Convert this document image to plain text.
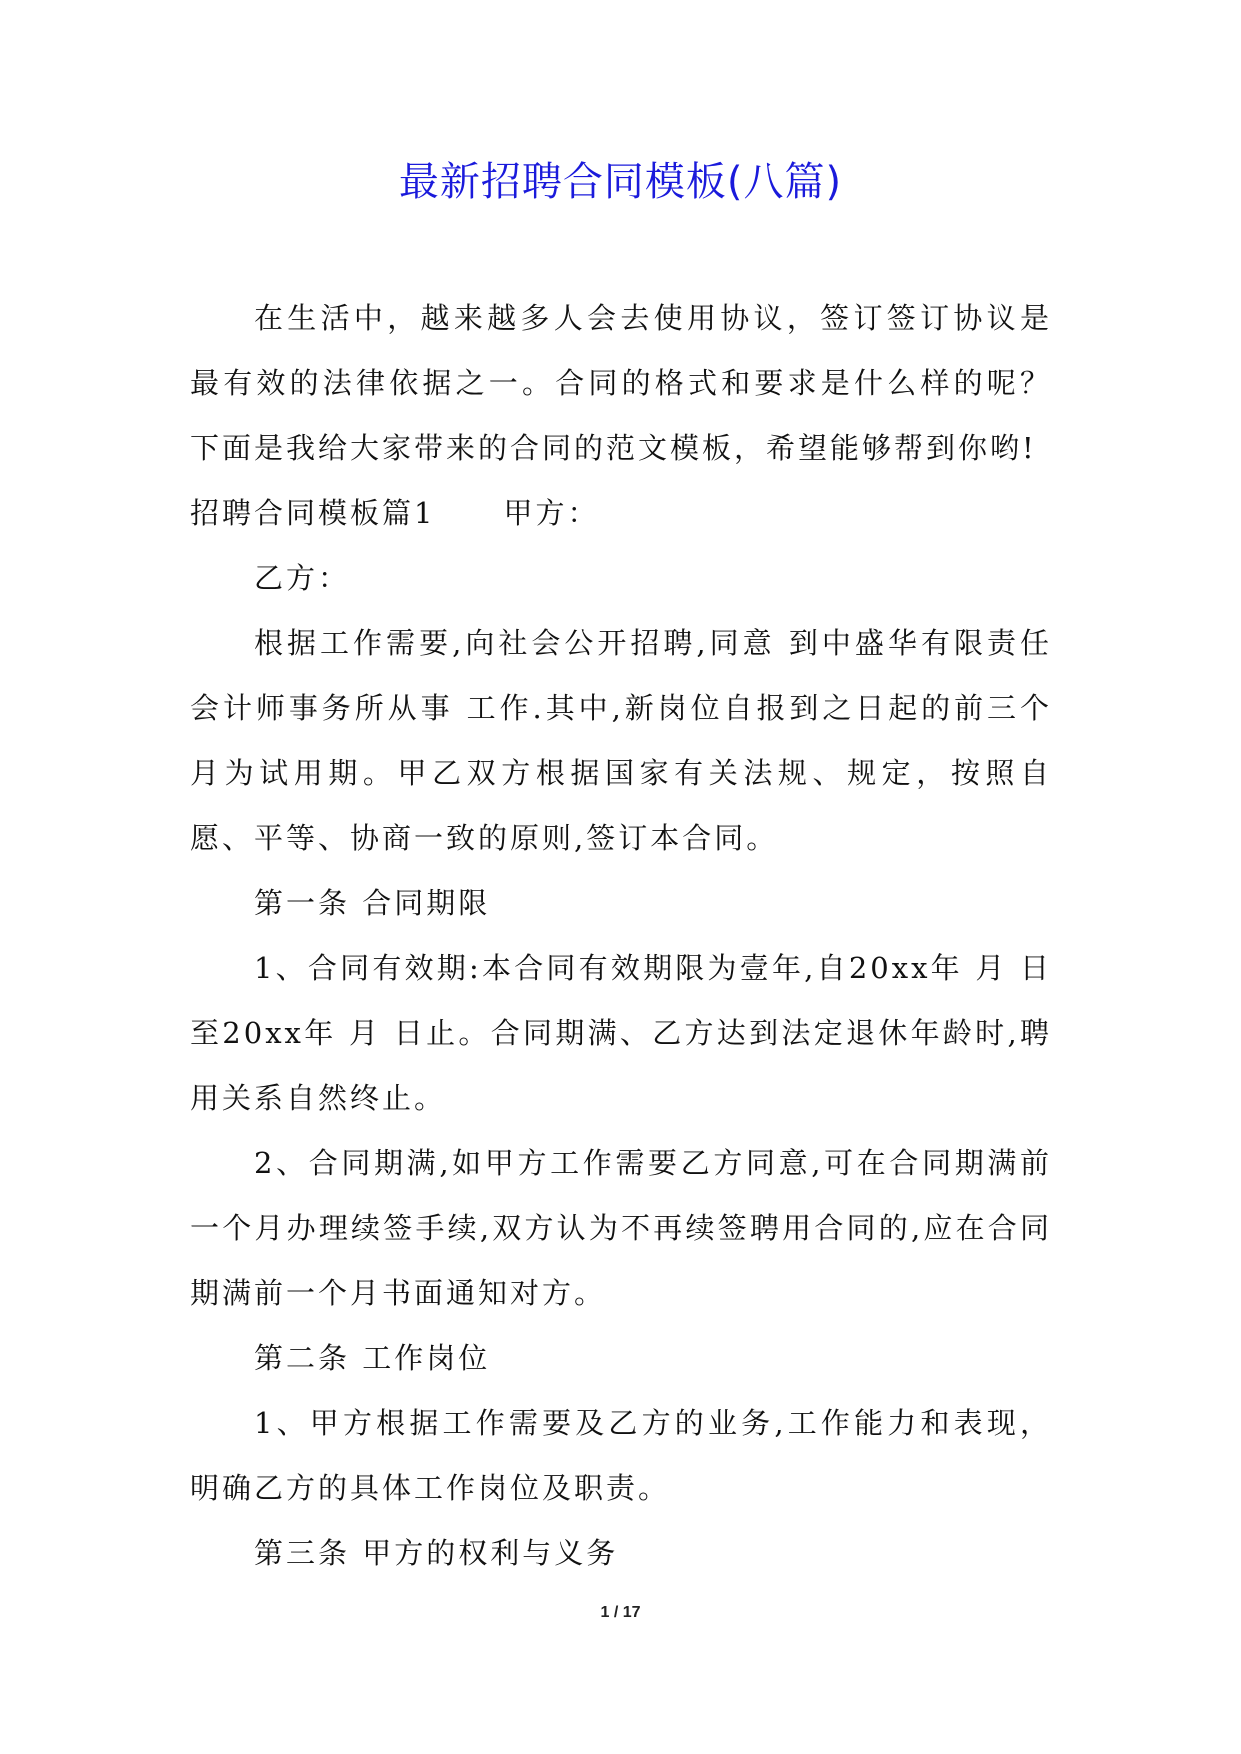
最新招聘合同模板(八篇)

在生活中，越来越多人会去使用协议，签订签订协议是最有效的法律依据之一。合同的格式和要求是什么样的呢？下面是我给大家带来的合同的范文模板，希望能够帮到你哟!

招聘合同模板篇1 甲方：

乙方：

根据工作需要,向社会公开招聘,同意 到中盛华有限责任会计师事务所从事 工作.其中,新岗位自报到之日起的前三个月为试用期。甲乙双方根据国家有关法规、规定，按照自愿、平等、协商一致的原则,签订本合同。

第一条 合同期限

1、合同有效期:本合同有效期限为壹年,自20xx年 月 日至20xx年 月 日止。合同期满、乙方达到法定退休年龄时,聘用关系自然终止。

2、合同期满,如甲方工作需要乙方同意,可在合同期满前一个月办理续签手续,双方认为不再续签聘用合同的,应在合同期满前一个月书面通知对方。

第二条 工作岗位

1、甲方根据工作需要及乙方的业务,工作能力和表现，明确乙方的具体工作岗位及职责。

第三条 甲方的权利与义务

1 / 17
